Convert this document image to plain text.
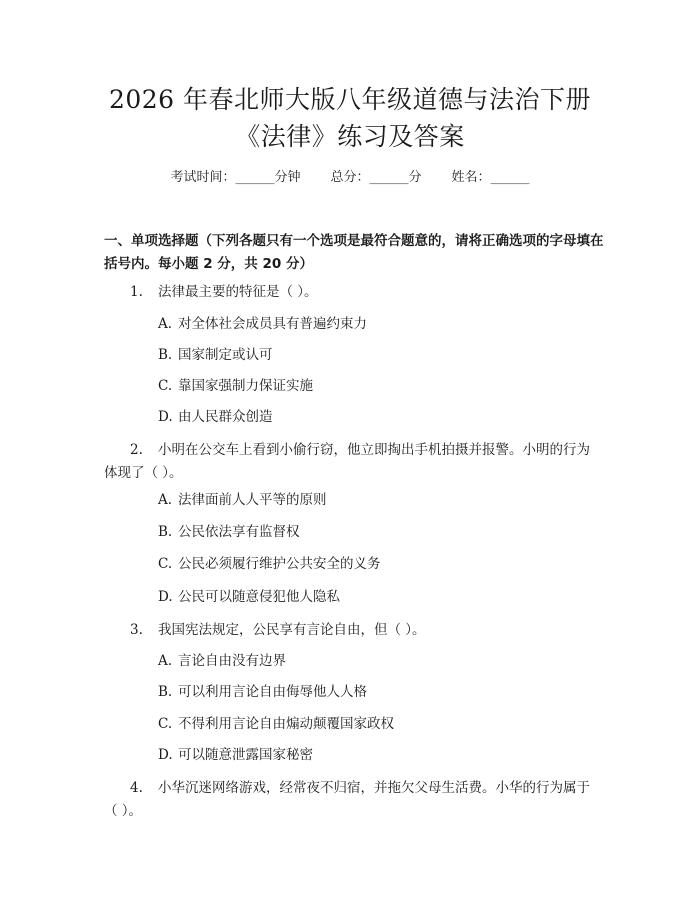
2026 年春北师大版八年级道德与法治下册
《法律》练习及答案
考试时间：______分钟 总分：______分 姓名：______
一、单项选择题（下列各题只有一个选项是最符合题意的，请将正确选项的字母填在括号内。每小题 2 分，共 20 分）
1. 法律最主要的特征是（ ）。
A. 对全体社会成员具有普遍约束力
B. 国家制定或认可
C. 靠国家强制力保证实施
D. 由人民群众创造
2. 小明在公交车上看到小偷行窃，他立即掏出手机拍摄并报警。小明的行为体现了（ ）。
A. 法律面前人人平等的原则
B. 公民依法享有监督权
C. 公民必须履行维护公共安全的义务
D. 公民可以随意侵犯他人隐私
3. 我国宪法规定，公民享有言论自由，但（ ）。
A. 言论自由没有边界
B. 可以利用言论自由侮辱他人人格
C. 不得利用言论自由煽动颠覆国家政权
D. 可以随意泄露国家秘密
4. 小华沉迷网络游戏，经常夜不归宿，并拖欠父母生活费。小华的行为属于（ ）。
